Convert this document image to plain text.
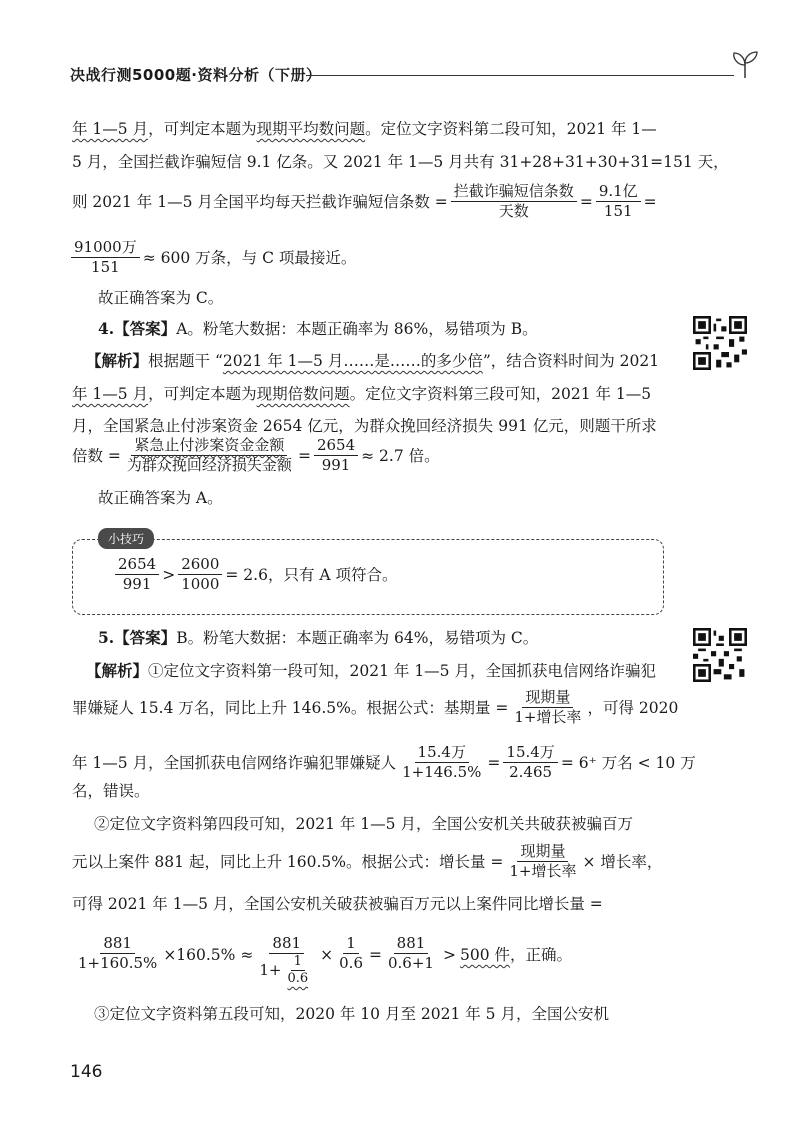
决战行测5000题·资料分析（下册）
年 1—5 月，可判定本题为现期平均数问题。定位文字资料第二段可知，2021 年 1—
5 月，全国拦截诈骗短信 9.1 亿条。又 2021 年 1—5 月共有 31+28+31+30+31=151 天，
则 2021 年 1—5 月全国平均每天拦截诈骗短信条数 = $\frac{\text{拦截诈骗短信条数}}{\text{天数}} = \frac{\text{9.1亿}}{151}$ =
$\frac{\text{91000万}}{151} \approx 600$ 万条，与 C 项最接近。
故正确答案为 C。
4.【答案】A。粉笔大数据：本题正确率为 86%，易错项为 B。
【解析】根据题干 “2021 年 1—5 月……是……的多少倍”，结合资料时间为 2021
年 1—5 月，可判定本题为现期倍数问题。定位文字资料第三段可知，2021 年 1—5
月，全国紧急止付涉案资金 2654 亿元，为群众挽回经济损失 991 亿元，则题干所求
倍数 = $\frac{\text{紧急止付涉案资金金额}}{\text{为群众挽回经济损失金额}} = \frac{2654}{991} \approx 2.7$ 倍。
故正确答案为 A。
小技巧
$\frac{2654}{991} > \frac{2600}{1000} = 2.6$，只有 A 项符合。
5.【答案】B。粉笔大数据：本题正确率为 64%，易错项为 C。
【解析】①定位文字资料第一段可知，2021 年 1—5 月，全国抓获电信网络诈骗犯
罪嫌疑人 15.4 万名，同比上升 146.5%。根据公式：基期量 = $\frac{\text{现期量}}{\text{1+增长率}}$ ，可得 2020
年 1—5 月，全国抓获电信网络诈骗犯罪嫌疑人 $\frac{\text{15.4万}}{1+146.5\%} = \frac{\text{15.4万}}{2.465} = 6^+$ 万名 < 10 万
名，错误。
②定位文字资料第四段可知，2021 年 1—5 月，全国公安机关共破获被骗百万
元以上案件 881 起，同比上升 160.5%。根据公式：增长量 = $\frac{\text{现期量}}{\text{1+增长率}}$ × 增长率，
可得 2021 年 1—5 月，全国公安机关破获被骗百万元以上案件同比增长量 =
$\frac{881}{1+160.5\%} \times 160.5\% \approx \frac{881}{1+ \frac{1}{0.6}} \times \frac{1}{0.6} = \frac{881}{0.6+1} > 500$ 件 ，正确。
③定位文字资料第五段可知，2020 年 10 月至 2021 年 5 月，全国公安机
146
